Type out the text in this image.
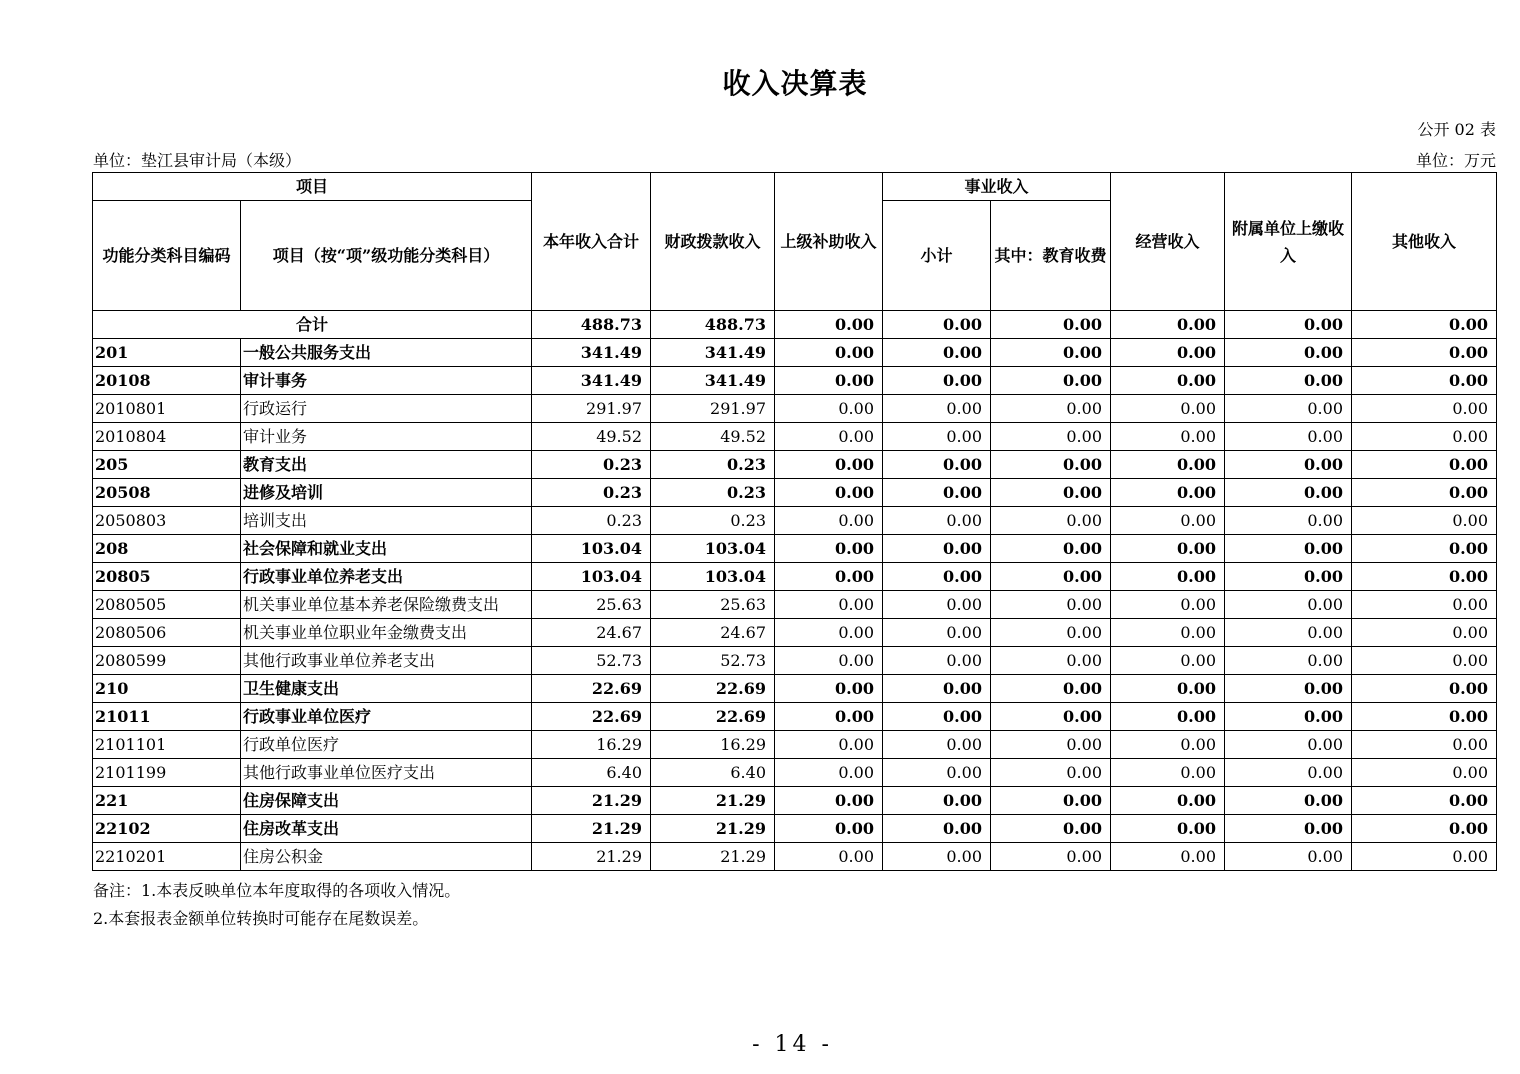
收入决算表
公开 02 表
单位：垫江县审计局（本级）	单位：万元
项目		本年收入合计	财政拨款收入	上级补助收入	事业收入		经营收入	附属单位上缴收入	其他收入
功能分类科目编码	项目（按“项”级功能分类科目）				小计	其中：教育收费			
合计		488.73	488.73	0.00	0.00	0.00	0.00	0.00	0.00
201	一般公共服务支出	341.49	341.49	0.00	0.00	0.00	0.00	0.00	0.00
20108	审计事务	341.49	341.49	0.00	0.00	0.00	0.00	0.00	0.00
2010801	行政运行	291.97	291.97	0.00	0.00	0.00	0.00	0.00	0.00
2010804	审计业务	49.52	49.52	0.00	0.00	0.00	0.00	0.00	0.00
205	教育支出	0.23	0.23	0.00	0.00	0.00	0.00	0.00	0.00
20508	进修及培训	0.23	0.23	0.00	0.00	0.00	0.00	0.00	0.00
2050803	培训支出	0.23	0.23	0.00	0.00	0.00	0.00	0.00	0.00
208	社会保障和就业支出	103.04	103.04	0.00	0.00	0.00	0.00	0.00	0.00
20805	行政事业单位养老支出	103.04	103.04	0.00	0.00	0.00	0.00	0.00	0.00
2080505	机关事业单位基本养老保险缴费支出	25.63	25.63	0.00	0.00	0.00	0.00	0.00	0.00
2080506	机关事业单位职业年金缴费支出	24.67	24.67	0.00	0.00	0.00	0.00	0.00	0.00
2080599	其他行政事业单位养老支出	52.73	52.73	0.00	0.00	0.00	0.00	0.00	0.00
210	卫生健康支出	22.69	22.69	0.00	0.00	0.00	0.00	0.00	0.00
21011	行政事业单位医疗	22.69	22.69	0.00	0.00	0.00	0.00	0.00	0.00
2101101	行政单位医疗	16.29	16.29	0.00	0.00	0.00	0.00	0.00	0.00
2101199	其他行政事业单位医疗支出	6.40	6.40	0.00	0.00	0.00	0.00	0.00	0.00
221	住房保障支出	21.29	21.29	0.00	0.00	0.00	0.00	0.00	0.00
22102	住房改革支出	21.29	21.29	0.00	0.00	0.00	0.00	0.00	0.00
2210201	住房公积金	21.29	21.29	0.00	0.00	0.00	0.00	0.00	0.00
备注：1.本表反映单位本年度取得的各项收入情况。
2.本套报表金额单位转换时可能存在尾数误差。
- 14 -
